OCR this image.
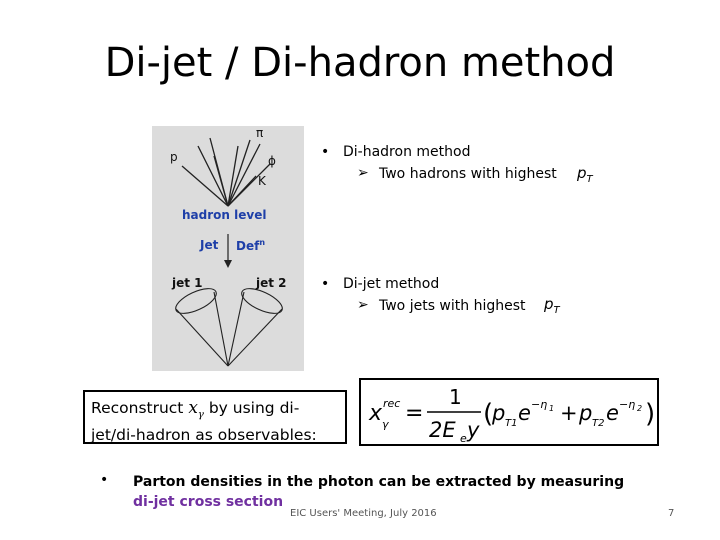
Di-jet / Di-hadron method
p
π
ϕ
K
hadron level
Jet Def$^n$
jet 1	jet 2
• Di-hadron method
➢ Two hadrons with highest $p_T$
• Di-jet method
➢ Two jets with highest $p_T$
Reconstruct $x_\gamma$ by using di-jet/di-hadron as observables:
x rec
γ =
1
2E e y
(
p T1 e −η 1 + p T2 e −η 2 )
• Parton densities in the photon can be extracted by measuring di-jet cross section
EIC Users' Meeting, July 2016	7
